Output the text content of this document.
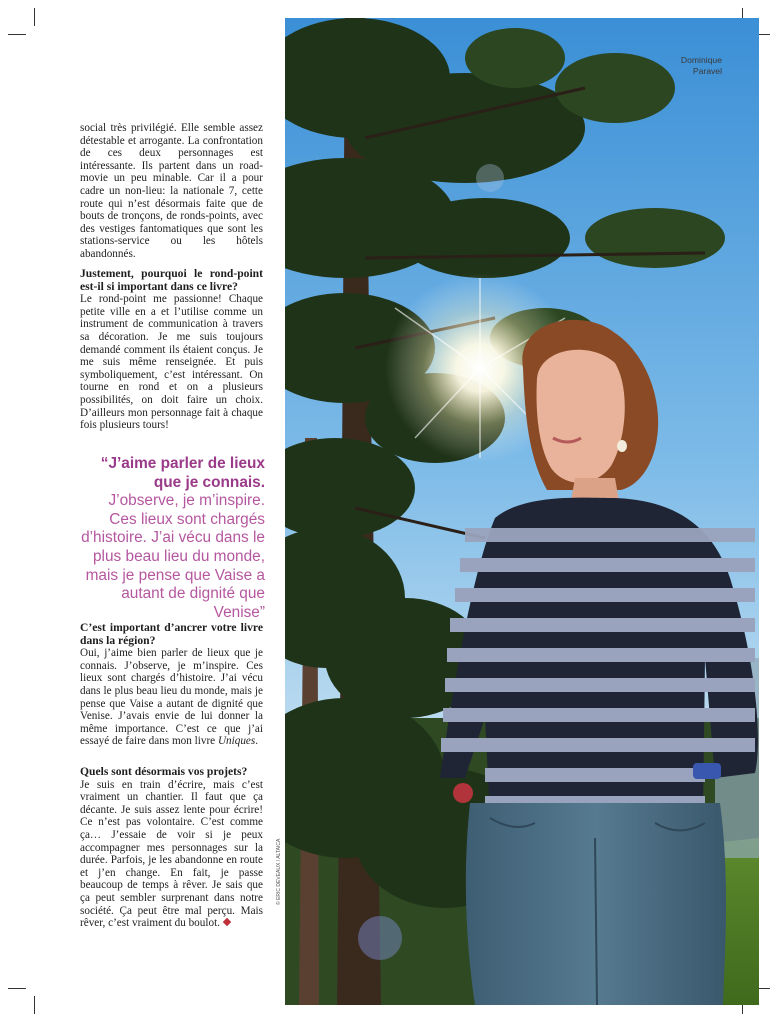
social très privilégié. Elle semble assez détestable et arrogante. La confrontation de ces deux personnages est intéressante. Ils partent dans un road-movie un peu minable. Car il a pour cadre un non-lieu: la nationale 7, cette route qui n’est désormais faite que de bouts de tronçons, de ronds-points, avec des vestiges fantomatiques que sont les stations-service ou les hôtels abandonnés.

Justement, pourquoi le rond-point est-il si important dans ce livre?

Le rond-point me passionne! Chaque petite ville en a et l’utilise comme un instrument de communication à travers sa décoration. Je me suis toujours demandé comment ils étaient conçus. Je me suis même renseignée. Et puis symboliquement, c’est intéressant. On tourne en rond et on a plusieurs possibilités, on doit faire un choix. D’ailleurs mon personnage fait à chaque fois plusieurs tours!

“J’aime parler de lieux que je connais. J’observe, je m’inspire. Ces lieux sont chargés d’histoire. J’ai vécu dans le plus beau lieu du monde, mais je pense que Vaise a autant de dignité que Venise”

C’est important d’ancrer votre livre dans la région?

Oui, j’aime bien parler de lieux que je connais. J’observe, je m’inspire. Ces lieux sont chargés d’histoire. J’ai vécu dans le plus beau lieu du monde, mais je pense que Vaise a autant de dignité que Venise. J’avais envie de lui donner la même importance. C’est ce que j’ai essayé de faire dans mon livre Uniques.

Quels sont désormais vos projets?

Je suis en train d’écrire, mais c’est vraiment un chantier. Il faut que ça décante. Je suis assez lente pour écrire! Ce n’est pas volontaire. C’est comme ça… J’essaie de voir si je peux accompagner mes personnages sur la durée. Parfois, je les abandonne en route et j’en change. En fait, je passe beaucoup de temps à rêver. Je sais que ça peut sembler surprenant dans notre société. Ça peut être mal perçu. Mais rêver, c’est vraiment du boulot.

© ERIC DEVEAUX / ALTAICA
Dominique
Paravel
